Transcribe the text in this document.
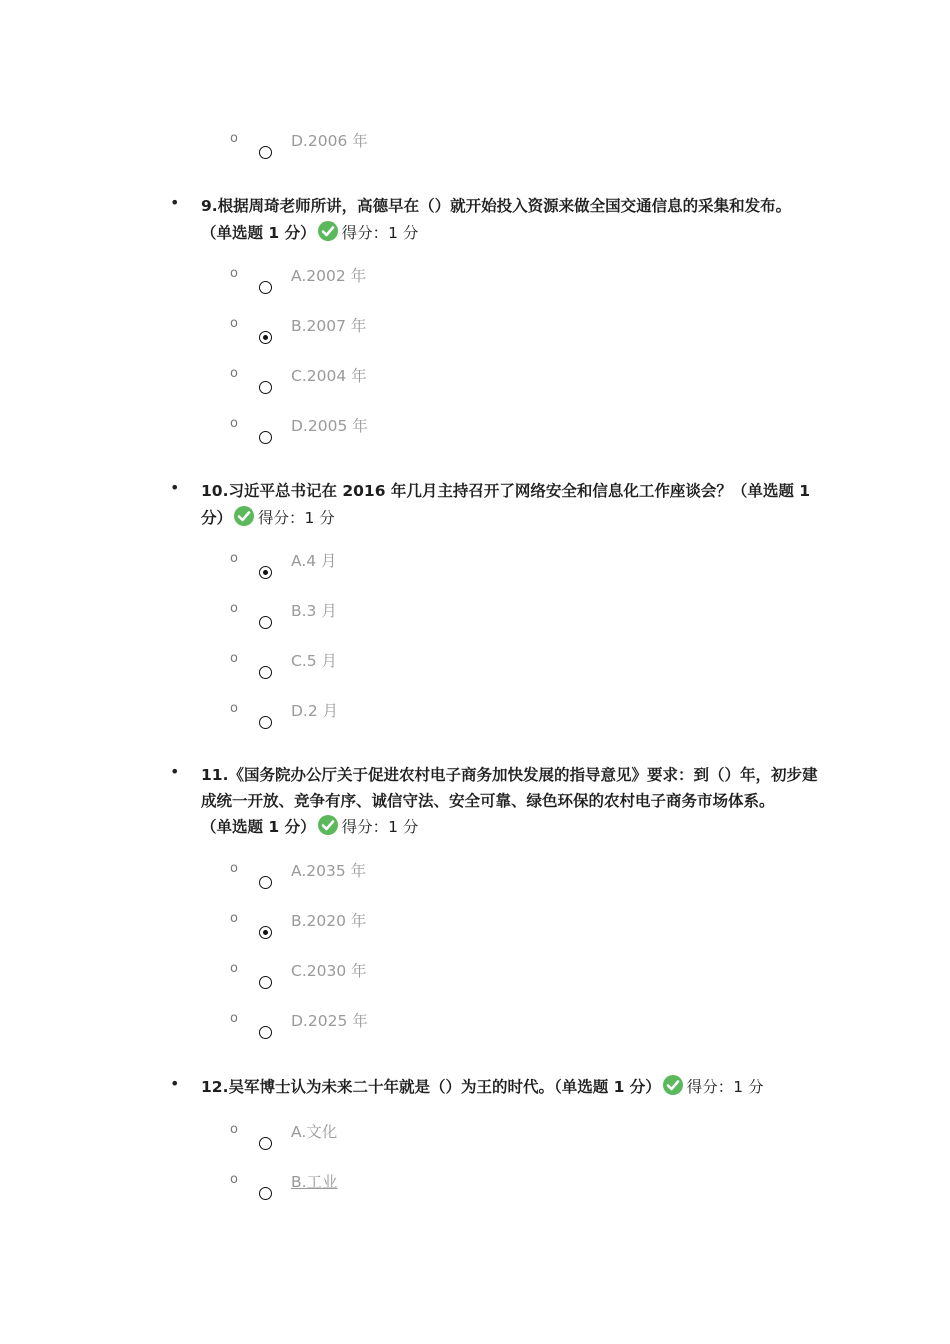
o	D.2006 年
• 9.根据周琦老师所讲，高德早在（）就开始投入资源来做全国交通信息的采集和发布。
（单选题 1 分） 得分：1 分
o	A.2002 年
o	B.2007 年
o	C.2004 年
o	D.2005 年
• 10.习近平总书记在 2016 年几月主持召开了网络安全和信息化工作座谈会？（单选题 1 分） 得分：1 分
o	A.4 月
o	B.3 月
o	C.5 月
o	D.2 月
• 11.《国务院办公厅关于促进农村电子商务加快发展的指导意见》要求：到（）年，初步建成统一开放、竞争有序、诚信守法、安全可靠、绿色环保的农村电子商务市场体系。
（单选题 1 分） 得分：1 分
o	A.2035 年
o	B.2020 年
o	C.2030 年
o	D.2025 年
• 12.吴军博士认为未来二十年就是（）为王的时代。（单选题 1 分） 得分：1 分
o	A.文化
o	B.工业
